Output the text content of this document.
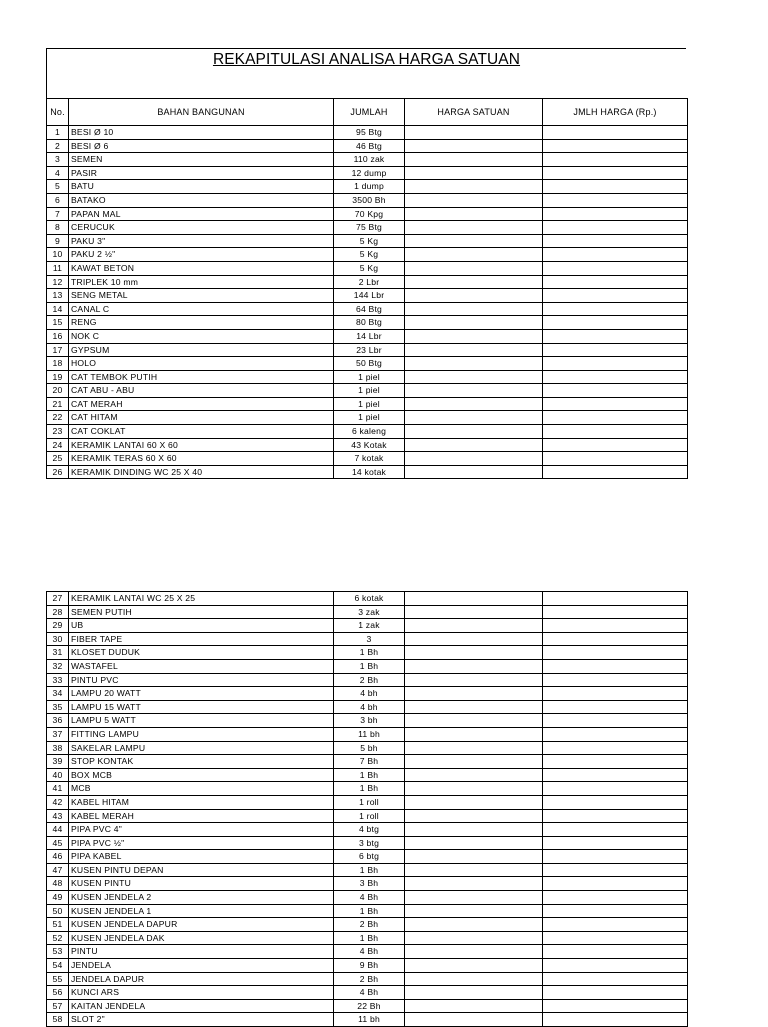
REKAPITULASI ANALISA HARGA SATUAN
No.	BAHAN BANGUNAN	JUMLAH	HARGA SATUAN	JMLH HARGA (Rp.)
1	BESI Ø 10	95 Btg		
2	BESI Ø 6	46 Btg		
3	SEMEN	110 zak		
4	PASIR	12 dump		
5	BATU	1 dump		
6	BATAKO	3500 Bh		
7	PAPAN MAL	70 Kpg		
8	CERUCUK	75 Btg		
9	PAKU 3"	5 Kg		
10	PAKU 2 ½"	5 Kg		
11	KAWAT BETON	5 Kg		
12	TRIPLEK 10 mm	2 Lbr		
13	SENG METAL	144 Lbr		
14	CANAL C	64 Btg		
15	RENG	80 Btg		
16	NOK C	14 Lbr		
17	GYPSUM	23 Lbr		
18	HOLO	50 Btg		
19	CAT TEMBOK PUTIH	1 piel		
20	CAT ABU - ABU	1 piel		
21	CAT MERAH	1 piel		
22	CAT HITAM	1 piel		
23	CAT COKLAT	6 kaleng		
24	KERAMIK LANTAI 60 X 60	43 Kotak		
25	KERAMIK TERAS 60 X 60	7 kotak		
26	KERAMIK DINDING WC 25 X 40	14 kotak		
27	KERAMIK LANTAI WC 25 X 25	6 kotak		
28	SEMEN PUTIH	3 zak		
29	UB	1 zak		
30	FIBER TAPE	3		
31	KLOSET DUDUK	1 Bh		
32	WASTAFEL	1 Bh		
33	PINTU PVC	2 Bh		
34	LAMPU 20 WATT	4 bh		
35	LAMPU 15 WATT	4 bh		
36	LAMPU 5 WATT	3 bh		
37	FITTING LAMPU	11 bh		
38	SAKELAR LAMPU	5 bh		
39	STOP KONTAK	7 Bh		
40	BOX MCB	1 Bh		
41	MCB	1 Bh		
42	KABEL HITAM	1 roll		
43	KABEL MERAH	1 roll		
44	PIPA PVC 4"	4 btg		
45	PIPA PVC ½"	3 btg		
46	PIPA KABEL	6 btg		
47	KUSEN PINTU DEPAN	1 Bh		
48	KUSEN PINTU	3 Bh		
49	KUSEN JENDELA 2	4 Bh		
50	KUSEN JENDELA 1	1 Bh		
51	KUSEN JENDELA DAPUR	2 Bh		
52	KUSEN JENDELA DAK	1 Bh		
53	PINTU	4 Bh		
54	JENDELA	9 Bh		
55	JENDELA DAPUR	2 Bh		
56	KUNCI ARS	4 Bh		
57	KAITAN JENDELA	22 Bh		
58	SLOT 2"	11 bh		
